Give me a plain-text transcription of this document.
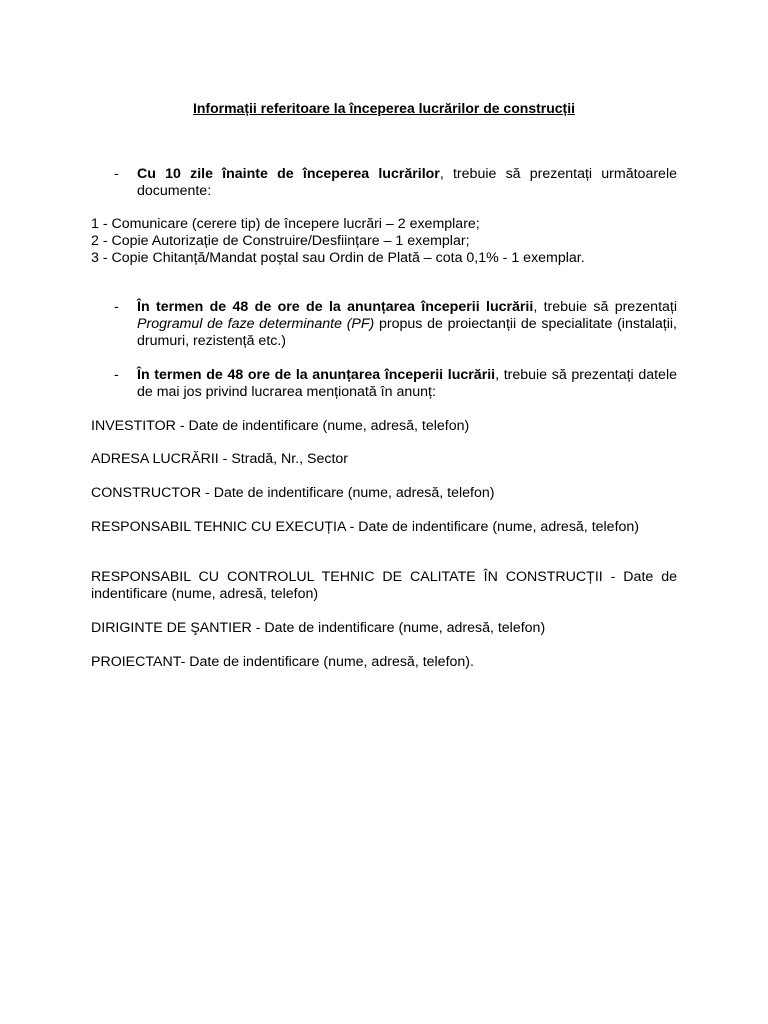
Informații referitoare la începerea lucrărilor de construcții
- Cu 10 zile înainte de începerea lucrărilor, trebuie să prezentați următoarele documente:
1 - Comunicare (cerere tip) de începere lucrări – 2 exemplare;
2 - Copie Autorizație de Construire/Desființare – 1 exemplar;
3 - Copie Chitanță/Mandat poștal sau Ordin de Plată – cota 0,1% - 1 exemplar.
- În termen de 48 de ore de la anunțarea începerii lucrării, trebuie să prezentați Programul de faze determinante (PF) propus de proiectanții de specialitate (instalații, drumuri, rezistență etc.)
- În termen de 48 ore de la anunțarea începerii lucrării, trebuie să prezentați datele de mai jos privind lucrarea menționată în anunț:
INVESTITOR - Date de indentificare (nume, adresă, telefon)
ADRESA LUCRĂRII - Stradă, Nr., Sector
CONSTRUCTOR - Date de indentificare (nume, adresă, telefon)
RESPONSABIL TEHNIC CU EXECUȚIA - Date de indentificare (nume, adresă, telefon)
RESPONSABIL CU CONTROLUL TEHNIC DE CALITATE ÎN CONSTRUCȚII - Date de indentificare (nume, adresă, telefon)
DIRIGINTE DE ŞANTIER - Date de indentificare (nume, adresă, telefon)
PROIECTANT- Date de indentificare (nume, adresă, telefon).
